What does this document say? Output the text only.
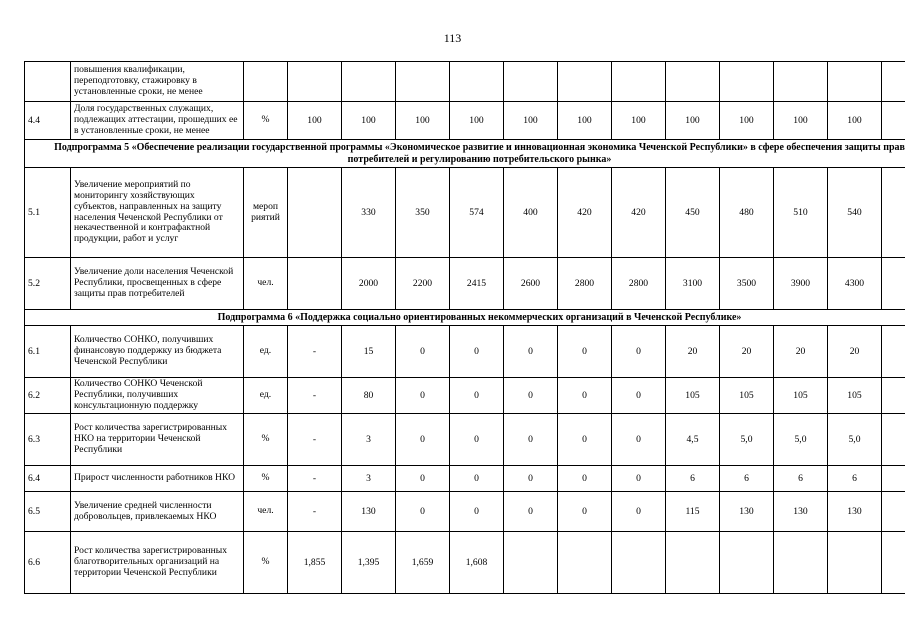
113
	повышения квалификации, переподготовку, стажировку в установленные сроки, не менее													
4.4	Доля государственных служащих, подлежащих аттестации, прошедших ее в установленные сроки, не менее	%	100	100	100	100	100	100	100	100	100	100	100	
Подпрограмма 5 «Обеспечение реализации государственной программы «Экономическое развитие и инновационная экономика Чеченской Республики» в сфере обеспечения защиты прав потребителей и регулированию потребительского рынка»														
5.1	Увеличение мероприятий по мониторингу хозяйствующих субъектов, направленных на защиту населения Чеченской Республики от некачественной и контрафактной продукции, работ и услуг	мероп риятий		330	350	574	400	420	420	450	480	510	540	
5.2	Увеличение доли населения Чеченской Республики, просвещенных в сфере защиты прав потребителей	чел.		2000	2200	2415	2600	2800	2800	3100	3500	3900	4300	
Подпрограмма 6 «Поддержка социально ориентированных некоммерческих организаций в Чеченской Республике»														
6.1	Количество СОНКО, получивших финансовую поддержку из бюджета Чеченской Республики	ед.	-	15	0	0	0	0	0	20	20	20	20	
6.2	Количество СОНКО Чеченской Республики, получивших консультационную поддержку	ед.	-	80	0	0	0	0	0	105	105	105	105	
6.3	Рост количества зарегистрированных НКО на территории Чеченской Республики	%	-	3	0	0	0	0	0	4,5	5,0	5,0	5,0	
6.4	Прирост численности работников НКО	%	-	3	0	0	0	0	0	6	6	6	6	
6.5	Увеличение средней численности добровольцев, привлекаемых НКО	чел.	-	130	0	0	0	0	0	115	130	130	130	
6.6	Рост количества зарегистрированных благотворительных организаций на территории Чеченской Республики	%	1,855	1,395	1,659	1,608								
